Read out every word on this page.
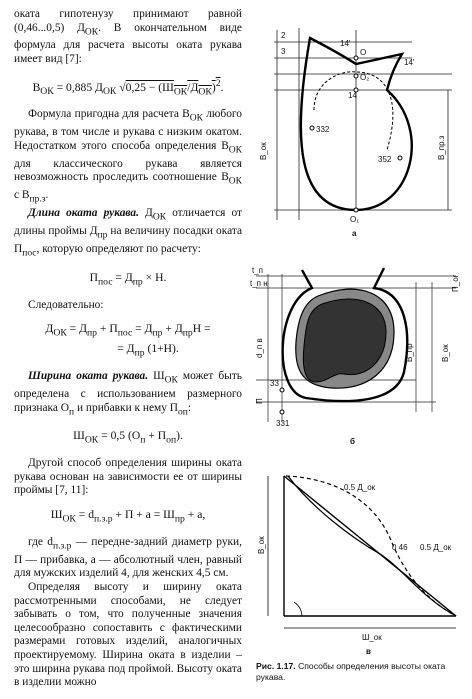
оката гипотенузу принимают равной (0,46...0,5) $Д_{ОК}$. В окончательном виде формула для расчета высоты оката рукава имеет вид [7]:

$В_{ОК} = 0,885$ $Д_{ОК}$ $√0,25 - (Ш_{ОК}/Д_{ОК})^2$.

Формула пригодна для расчета $В_{ОК}$ любого рукава, в том числе и рукава с низким окатом. Недостатком этого способа определения $В_{ОК}$ для классического рукава является невозможность проследить соотношение $В_{ОК}$ с $В_{пр.з}$.

Длина оката рукава. $Д_{ОК}$ отличается от длины проймы $Д_{пр}$ на величину посадки оката $П_{пос}$, которую определяют по расчету:

$П_{пос} = Д_{пр} \times Н$.

Следовательно:

$Д_{ОК} = Д_{пр} + П_{пос} = Д_{пр} + Д_{пр}Н$ =

= $Д_{пр}$ (1+Н).

Ширина оката рукава. $Ш_{ОК}$ может быть определена с использованием размерного признака $О_п$ и прибавки к нему $П_{оп}$:

$Ш_{ОК} = 0,5$ $(О_п + П_{оп})$.

Другой способ определения ширины оката рукава основан на зависимости ее от ширины проймы [7, 11]:

$Ш_{ОК} = d_{п.з.р} + П + а = Ш_{пр} + а$,

где $d_{п.з.р}$ — передне-задний диаметр руки, П — прибавка, а — абсолютный член, равный для мужских изделий 4, для женских 4,5 см.

Определяя высоту и ширину оката рассмотренными способами, не следует забывать о том, что полученные значения целесообразно сопоставить с фактическими размерами готовых изделий, аналогичных проектируемому. Ширина оката в изделии – это ширина рукава под проймой. Высоту оката в изделии можно

2
3
14'
О
14'
О₂
14
332
352
В_ок	В_пр.з
О₁
а
t_п
t_п н	П_ог
d_п в	В_пр	В_ок
33
П
331
б
0.5 Д_ок
0 46 0.5 Д_ок
В_ок
Ш_ок
в
Рис. 1.17. Способы определения высоты оката рукава.
